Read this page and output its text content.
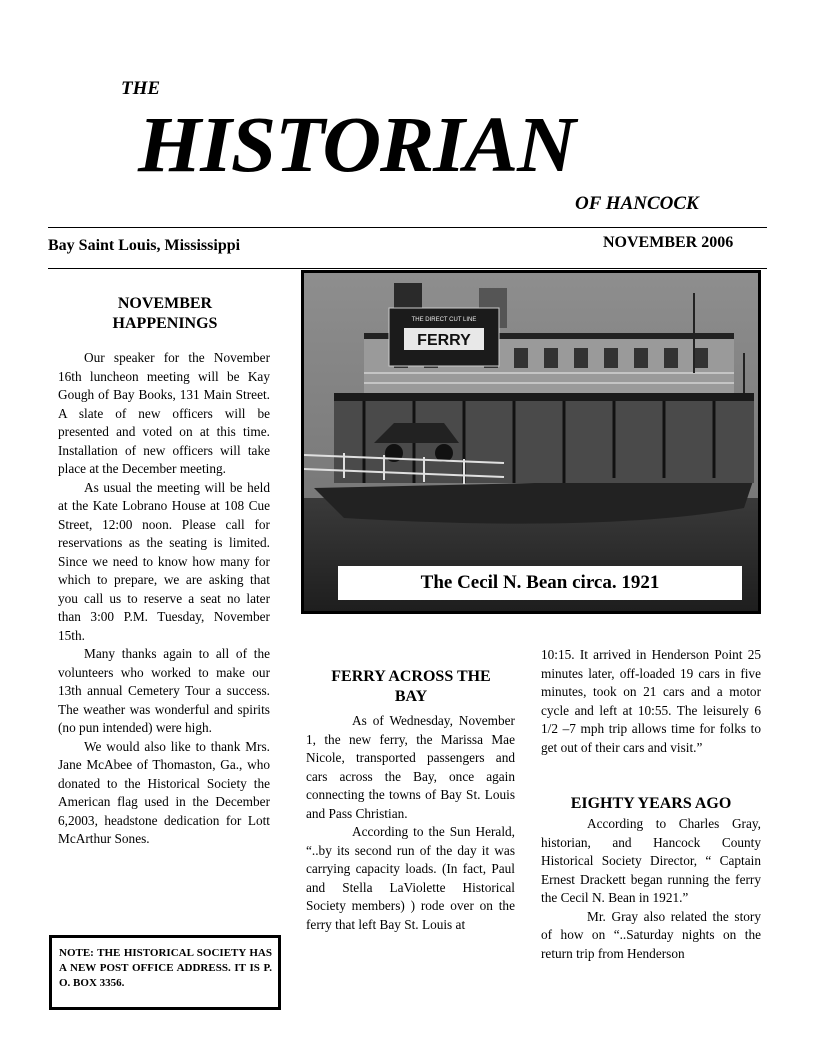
THE
HISTORIAN
OF HANCOCK
Bay Saint Louis, Mississippi	NOVEMBER 2006
NOVEMBER
HAPPENINGS

Our speaker for the November 16th luncheon meeting will be Kay Gough of Bay Books, 131 Main Street. A slate of new officers will be presented and voted on at this time. Installation of new officers will take place at the December meeting.

As usual the meeting will be held at the Kate Lobrano House at 108 Cue Street, 12:00 noon. Please call for reservations as the seating is limited. Since we need to know how many for which to prepare, we are asking that you call us to reserve a seat no later than 3:00 P.M. Tuesday, November 15th.

Many thanks again to all of the volunteers who worked to make our 13th annual Cemetery Tour a success. The weather was wonderful and spirits (no pun intended) were high.

We would also like to thank Mrs. Jane McAbee of Thomaston, Ga., who donated to the Historical Society the American flag used in the December 6,2003, headstone dedication for Lott McArthur Sones.

NOTE: THE HISTORICAL SOCIETY HAS A NEW POST OFFICE ADDRESS. IT IS P. O. BOX 3356.
THE DIRECT CUT LINE
FERRY
The Cecil N. Bean circa. 1921
FERRY ACROSS THE
BAY

As of Wednesday, November 1, the new ferry, the Marissa Mae Nicole, transported passengers and cars across the Bay, once again connecting the towns of Bay St. Louis and Pass Christian.

According to the Sun Herald, “..by its second run of the day it was carrying capacity loads. (In fact, Paul and Stella LaViolette Historical Society members) ) rode over on the ferry that left Bay St. Louis at

10:15. It arrived in Henderson Point 25 minutes later, off-loaded 19 cars in five minutes, took on 21 cars and a motor cycle and left at 10:55. The leisurely 6 1/2 –7 mph trip allows time for folks to get out of their cars and visit.”

EIGHTY YEARS AGO

According to Charles Gray, historian, and Hancock County Historical Society Director, “ Captain Ernest Drackett began running the ferry the Cecil N. Bean in 1921.”

Mr. Gray also related the story of how on “..Saturday nights on the return trip from Henderson
